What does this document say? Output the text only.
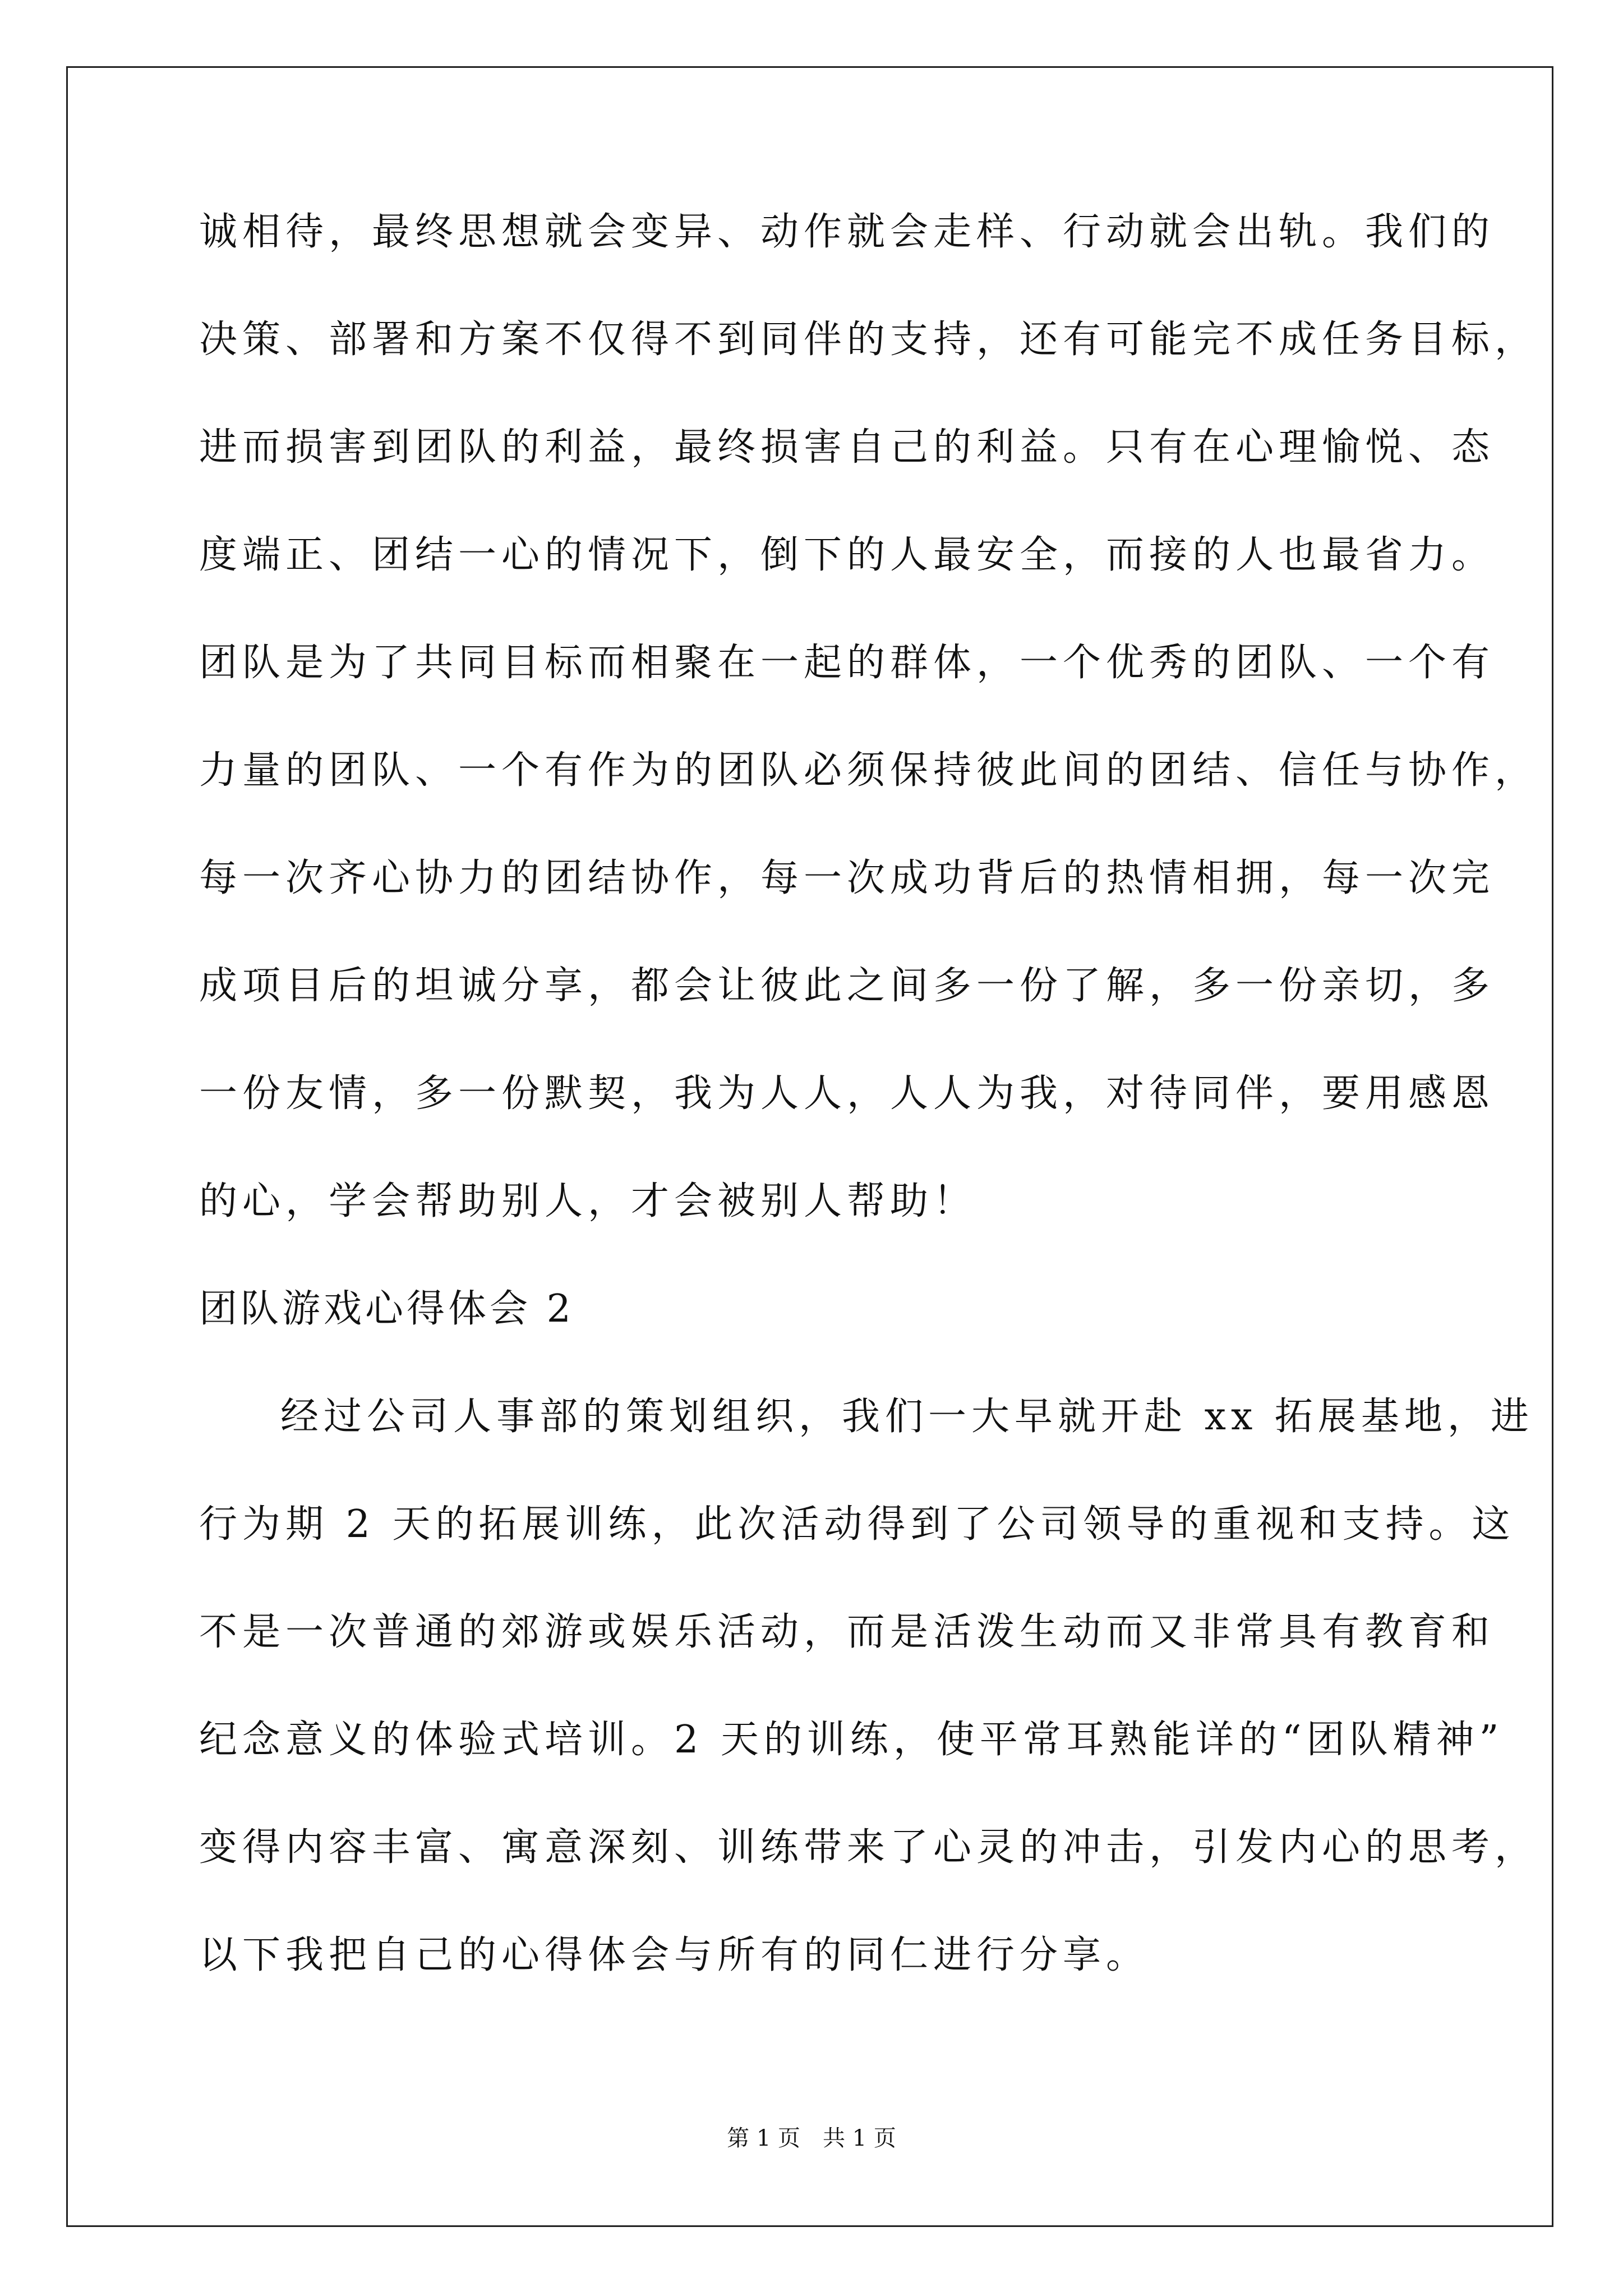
诚相待，最终思想就会变异、动作就会走样、行动就会出轨。我们的
决策、部署和方案不仅得不到同伴的支持，还有可能完不成任务目标，
进而损害到团队的利益，最终损害自己的利益。只有在心理愉悦、态
度端正、团结一心的情况下，倒下的人最安全，而接的人也最省力。
团队是为了共同目标而相聚在一起的群体，一个优秀的团队、一个有
力量的团队、一个有作为的团队必须保持彼此间的团结、信任与协作，
每一次齐心协力的团结协作，每一次成功背后的热情相拥，每一次完
成项目后的坦诚分享，都会让彼此之间多一份了解，多一份亲切，多
一份友情，多一份默契，我为人人，人人为我，对待同伴，要用感恩
的心，学会帮助别人，才会被别人帮助！
团队游戏心得体会 2
经过公司人事部的策划组织，我们一大早就开赴 xx 拓展基地，进
行为期 2 天的拓展训练，此次活动得到了公司领导的重视和支持。这
不是一次普通的郊游或娱乐活动，而是活泼生动而又非常具有教育和
纪念意义的体验式培训。2 天的训练，使平常耳熟能详的“团队精神”
变得内容丰富、寓意深刻、训练带来了心灵的冲击，引发内心的思考，
以下我把自己的心得体会与所有的同仁进行分享。
第 1 页　共 1 页
